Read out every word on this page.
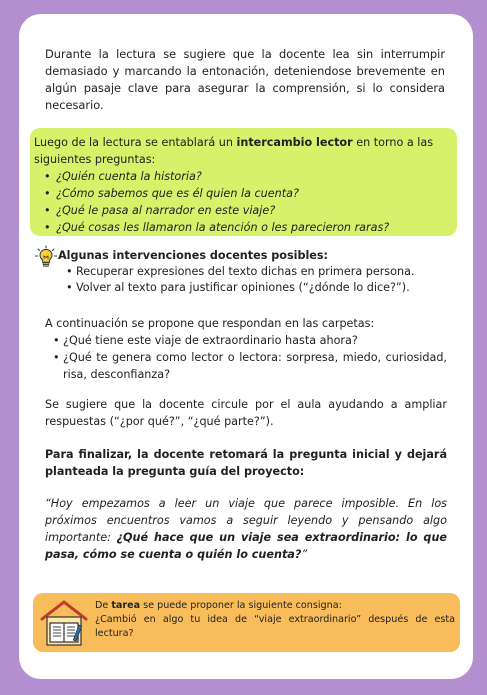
Durante la lectura se sugiere que la docente lea sin interrumpir demasiado y marcando la entonación, deteniendose brevemente en algún pasaje clave para asegurar la comprensión, si lo considera necesario.

Luego de la lectura se entablará un intercambio lector en torno a las siguientes preguntas:

• ¿Quién cuenta la historia?
• ¿Cómo sabemos que es él quien la cuenta?
• ¿Qué le pasa al narrador en este viaje?
• ¿Qué cosas les llamaron la atención o les parecieron raras?

Algunas intervenciones docentes posibles:

• Recuperar expresiones del texto dichas en primera persona.
• Volver al texto para justificar opiniones (“¿dónde lo dice?”).

A continuación se propone que respondan en las carpetas:

• ¿Qué tiene este viaje de extraordinario hasta ahora?
• ¿Qué te genera como lector o lectora: sorpresa, miedo, curiosidad, risa, desconfianza?

Se sugiere que la docente circule por el aula ayudando a ampliar respuestas (“¿por qué?”, “¿qué parte?”).

Para finalizar, la docente retomará la pregunta inicial y dejará planteada la pregunta guía del proyecto:

“Hoy empezamos a leer un viaje que parece imposible. En los próximos encuentros vamos a seguir leyendo y pensando algo importante: ¿Qué hace que un viaje sea extraordinario: lo que pasa, cómo se cuenta o quién lo cuenta?”

De tarea se puede proponer la siguiente consigna:

¿Cambió en algo tu idea de “viaje extraordinario” después de esta lectura?
